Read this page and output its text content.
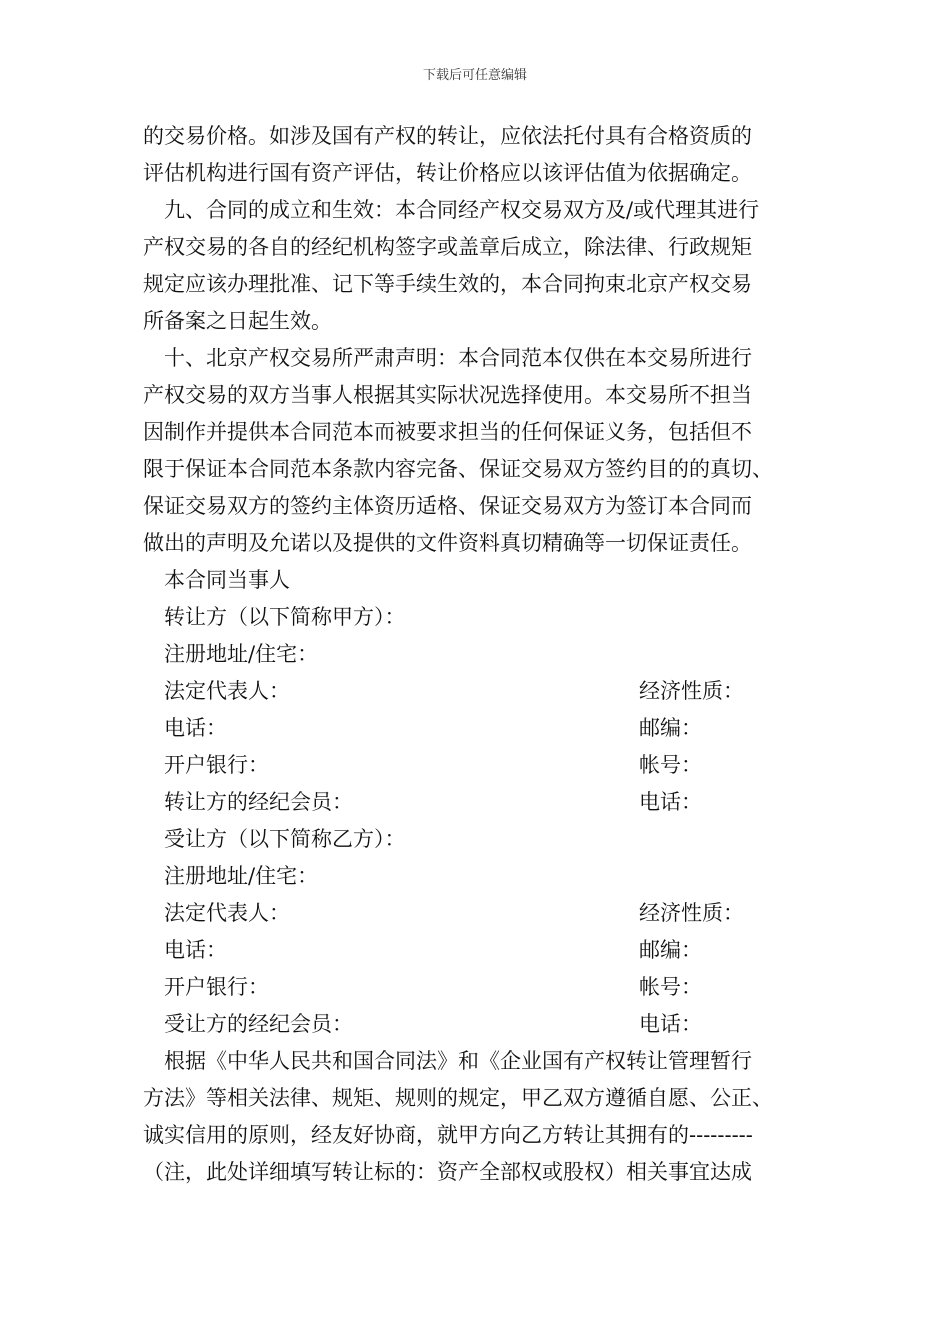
下载后可任意编辑
的交易价格。如涉及国有产权的转让，应依法托付具有合格资质的
评估机构进行国有资产评估，转让价格应以该评估值为依据确定。
九、合同的成立和生效：本合同经产权交易双方及/或代理其进行
产权交易的各自的经纪机构签字或盖章后成立，除法律、行政规矩
规定应该办理批准、记下等手续生效的，本合同拘束北京产权交易
所备案之日起生效。
十、北京产权交易所严肃声明：本合同范本仅供在本交易所进行
产权交易的双方当事人根据其实际状况选择使用。本交易所不担当
因制作并提供本合同范本而被要求担当的任何保证义务，包括但不
限于保证本合同范本条款内容完备、保证交易双方签约目的的真切、
保证交易双方的签约主体资历适格、保证交易双方为签订本合同而
做出的声明及允诺以及提供的文件资料真切精确等一切保证责任。
本合同当事人
转让方（以下简称甲方）：
注册地址/住宅：
法定代表人：	经济性质：
电话：	邮编：
开户银行：	帐号：
转让方的经纪会员：	电话：
受让方（以下简称乙方）：
注册地址/住宅：
法定代表人：	经济性质：
电话：	邮编：
开户银行：	帐号：
受让方的经纪会员：	电话：
根据《中华人民共和国合同法》和《企业国有产权转让管理暂行
方法》等相关法律、规矩、规则的规定，甲乙双方遵循自愿、公正、
诚实信用的原则，经友好协商，就甲方向乙方转让其拥有的---------
（注，此处详细填写转让标的：资产全部权或股权）相关事宜达成
